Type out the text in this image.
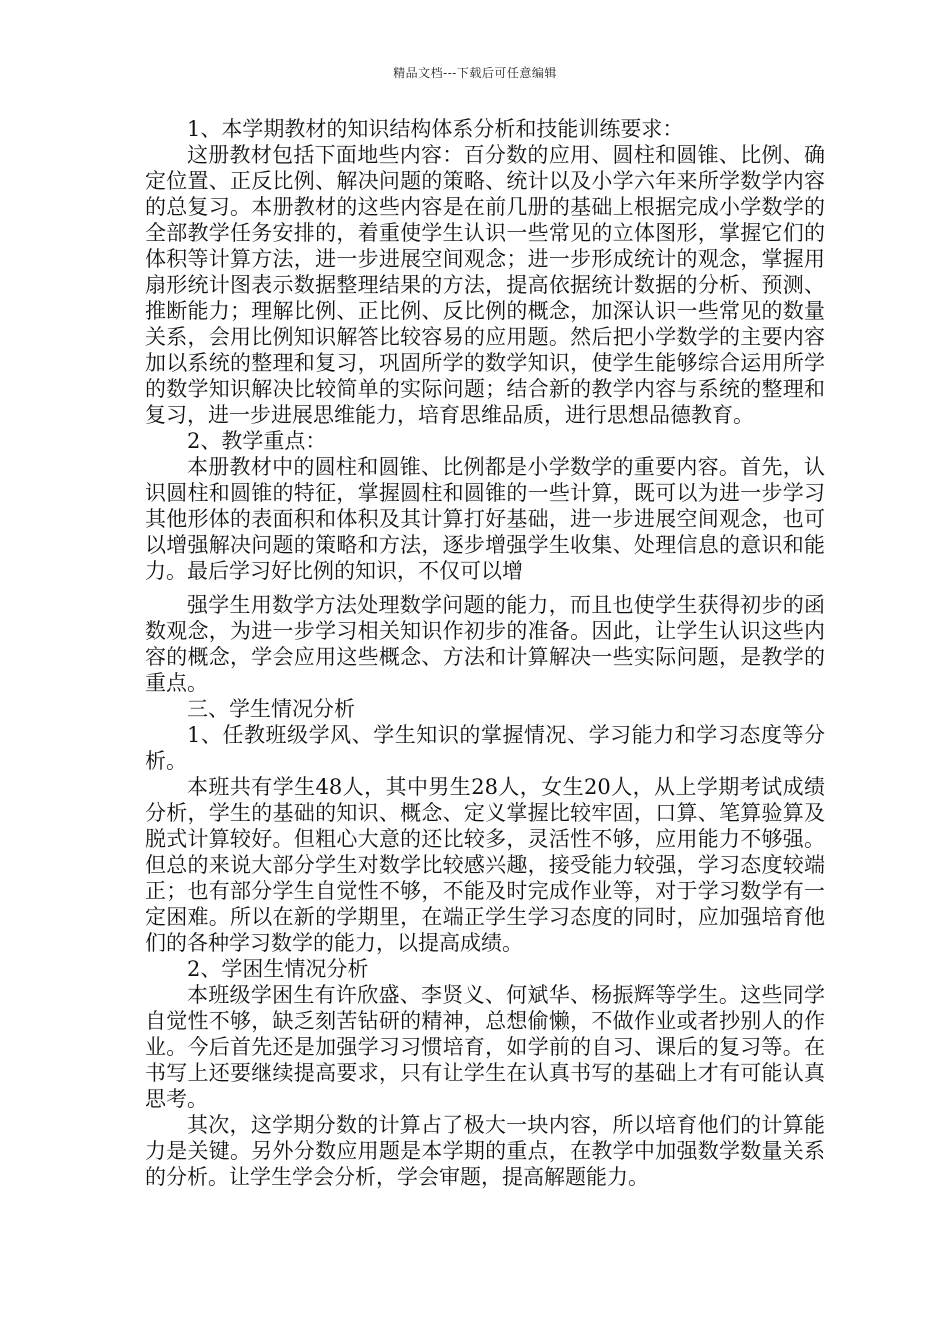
精品文档---下载后可任意编辑

1、本学期教材的知识结构体系分析和技能训练要求：

这册教材包括下面地些内容：百分数的应用、圆柱和圆锥、比例、确定位置、正反比例、解决问题的策略、统计以及小学六年来所学数学内容的总复习。本册教材的这些内容是在前几册的基础上根据完成小学数学的全部教学任务安排的，着重使学生认识一些常见的立体图形，掌握它们的体积等计算方法，进一步进展空间观念；进一步形成统计的观念，掌握用扇形统计图表示数据整理结果的方法，提高依据统计数据的分析、预测、推断能力；理解比例、正比例、反比例的概念，加深认识一些常见的数量关系，会用比例知识解答比较容易的应用题。然后把小学数学的主要内容加以系统的整理和复习，巩固所学的数学知识，使学生能够综合运用所学的数学知识解决比较简单的实际问题；结合新的教学内容与系统的整理和复习，进一步进展思维能力，培育思维品质，进行思想品德教育。

2、教学重点：

本册教材中的圆柱和圆锥、比例都是小学数学的重要内容。首先，认识圆柱和圆锥的特征，掌握圆柱和圆锥的一些计算，既可以为进一步学习其他形体的表面积和体积及其计算打好基础，进一步进展空间观念，也可以增强解决问题的策略和方法，逐步增强学生收集、处理信息的意识和能力。最后学习好比例的知识，不仅可以增

强学生用数学方法处理数学问题的能力，而且也使学生获得初步的函数观念，为进一步学习相关知识作初步的准备。因此，让学生认识这些内容的概念，学会应用这些概念、方法和计算解决一些实际问题，是教学的重点。

三、学生情况分析

1、任教班级学风、学生知识的掌握情况、学习能力和学习态度等分析。

本班共有学生48人，其中男生28人，女生20人，从上学期考试成绩分析，学生的基础的知识、概念、定义掌握比较牢固，口算、笔算验算及脱式计算较好。但粗心大意的还比较多，灵活性不够，应用能力不够强。但总的来说大部分学生对数学比较感兴趣，接受能力较强，学习态度较端正；也有部分学生自觉性不够，不能及时完成作业等，对于学习数学有一定困难。所以在新的学期里，在端正学生学习态度的同时，应加强培育他们的各种学习数学的能力，以提高成绩。

2、学困生情况分析

本班级学困生有许欣盛、李贤义、何斌华、杨振辉等学生。这些同学自觉性不够，缺乏刻苦钻研的精神，总想偷懒，不做作业或者抄别人的作业。今后首先还是加强学习习惯培育，如学前的自习、课后的复习等。在书写上还要继续提高要求，只有让学生在认真书写的基础上才有可能认真思考。

其次，这学期分数的计算占了极大一块内容，所以培育他们的计算能力是关键。另外分数应用题是本学期的重点，在教学中加强数学数量关系的分析。让学生学会分析，学会审题，提高解题能力。
